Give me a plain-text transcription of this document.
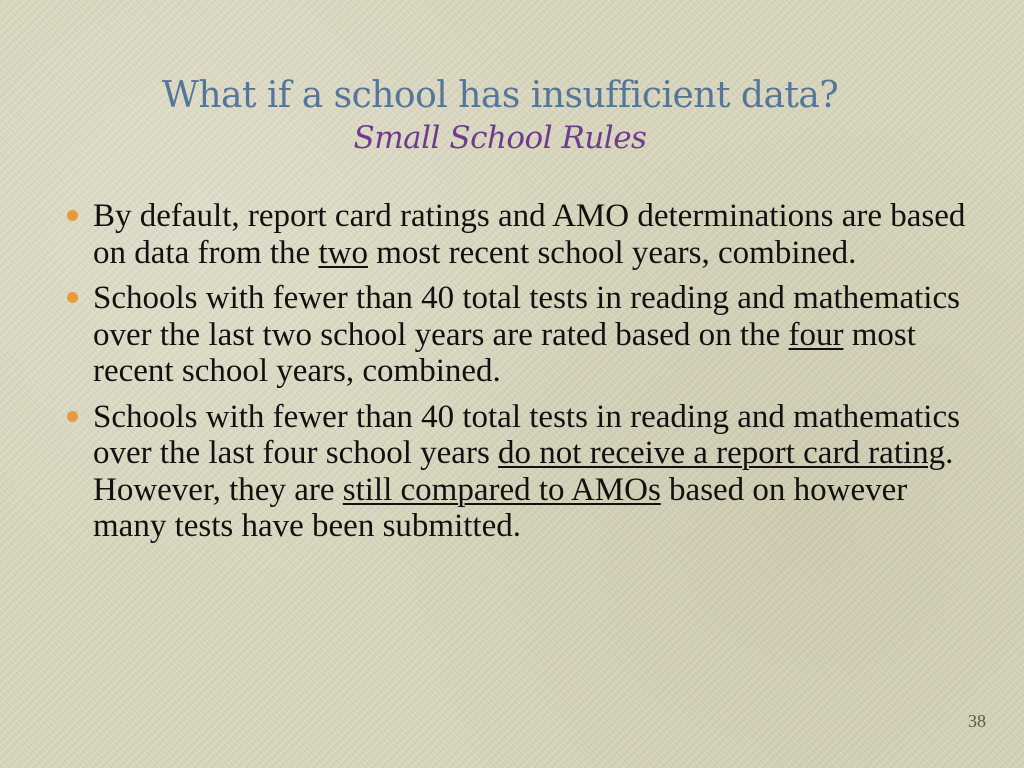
What if a school has insufficient data?
Small School Rules
By default, report card ratings and AMO determinations are based on data from the two most recent school years, combined.
Schools with fewer than 40 total tests in reading and mathematics over the last two school years are rated based on the four most recent school years, combined.
Schools with fewer than 40 total tests in reading and mathematics over the last four school years do not receive a report card rating. However, they are still compared to AMOs based on however many tests have been submitted.
38
